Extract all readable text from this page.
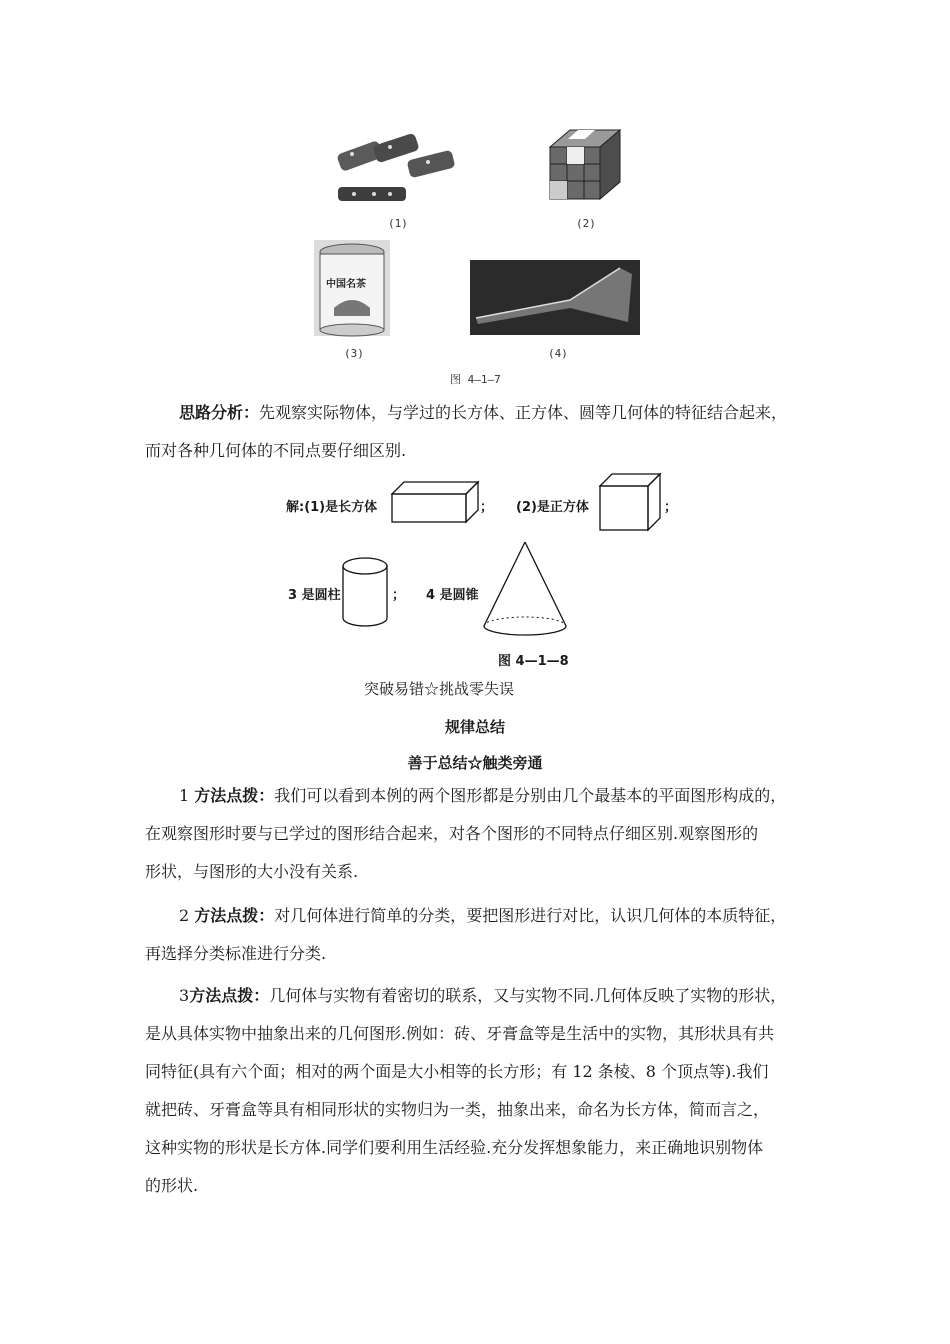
(1)	(2)
中国名茶
(3)	(4)
图 4—1—7
思路分析：先观察实际物体，与学过的长方体、正方体、圆等几何体的特征结合起来，
而对各种几何体的不同点要仔细区别.
解:(1)是长方体	； (2)是正方体	；
3 是圆柱	； 4 是圆锥
图 4—1—8
突破易错☆挑战零失误
规律总结
善于总结☆触类旁通
1 方法点拨：我们可以看到本例的两个图形都是分别由几个最基本的平面图形构成的，
在观察图形时要与已学过的图形结合起来，对各个图形的不同特点仔细区别.观察图形的
形状，与图形的大小没有关系.
2 方法点拨：对几何体进行简单的分类，要把图形进行对比，认识几何体的本质特征，
再选择分类标准进行分类.
3方法点拨：几何体与实物有着密切的联系，又与实物不同.几何体反映了实物的形状，
是从具体实物中抽象出来的几何图形.例如：砖、牙膏盒等是生活中的实物，其形状具有共
同特征(具有六个面；相对的两个面是大小相等的长方形；有 12 条棱、8 个顶点等).我们
就把砖、牙膏盒等具有相同形状的实物归为一类，抽象出来，命名为长方体，简而言之，
这种实物的形状是长方体.同学们要利用生活经验.充分发挥想象能力，来正确地识别物体
的形状.
